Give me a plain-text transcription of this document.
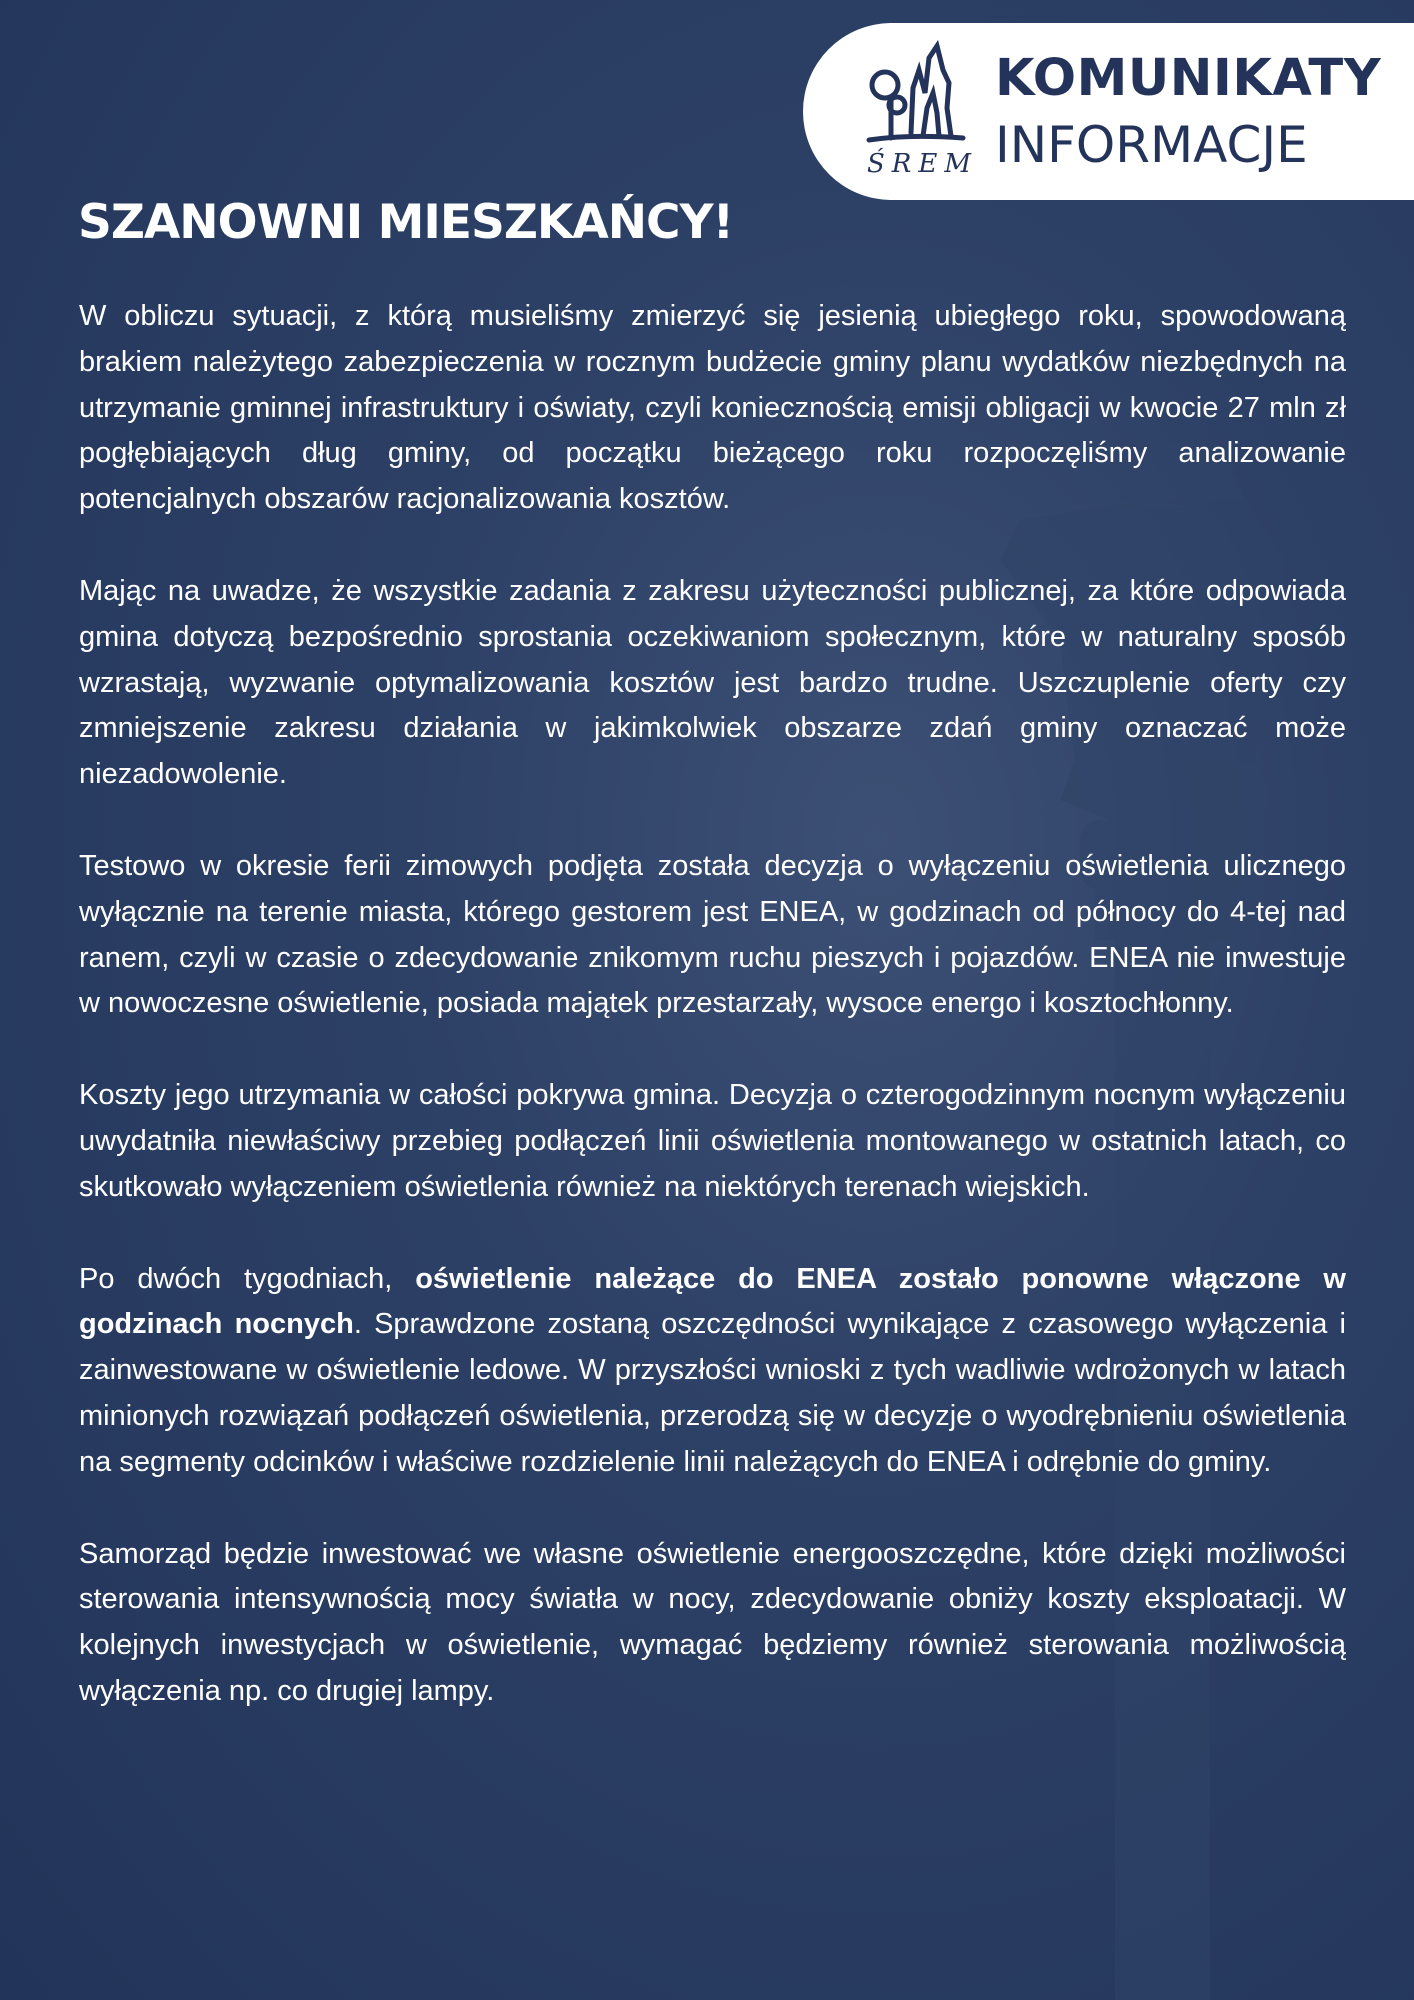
ŚREM
KOMUNIKATY
INFORMACJE
SZANOWNI MIESZKAŃCY!

W obliczu sytuacji, z którą musieliśmy zmierzyć się jesienią ubiegłego roku, spowodowaną brakiem należytego zabezpieczenia w rocznym budżecie gminy planu wydatków niezbędnych na utrzymanie gminnej infrastruktury i oświaty, czyli koniecznością emisji obligacji w kwocie 27 mln zł pogłębiających dług gminy, od początku bieżącego roku rozpoczęliśmy analizowanie potencjalnych obszarów racjonalizowania kosztów.

Mając na uwadze, że wszystkie zadania z zakresu użyteczności publicznej, za które odpowiada gmina dotyczą bezpośrednio sprostania oczekiwaniom społecznym, które w naturalny sposób wzrastają, wyzwanie optymalizowania kosztów jest bardzo trudne. Uszczuplenie oferty czy zmniejszenie zakresu działania w jakimkolwiek obszarze zdań gminy oznaczać może niezadowolenie.

Testowo w okresie ferii zimowych podjęta została decyzja o wyłączeniu oświetlenia ulicznego wyłącznie na terenie miasta, którego gestorem jest ENEA, w godzinach od północy do 4-tej nad ranem, czyli w czasie o zdecydowanie znikomym ruchu pieszych i pojazdów. ENEA nie inwestuje w nowoczesne oświetlenie, posiada majątek przestarzały, wysoce energo i kosztochłonny.

Koszty jego utrzymania w całości pokrywa gmina. Decyzja o czterogodzinnym nocnym wyłączeniu uwydatniła niewłaściwy przebieg podłączeń linii oświetlenia montowanego w ostatnich latach, co skutkowało wyłączeniem oświetlenia również na niektórych terenach wiejskich.

Po dwóch tygodniach, oświetlenie należące do ENEA zostało ponowne włączone w godzinach nocnych. Sprawdzone zostaną oszczędności wynikające z czasowego wyłączenia i zainwestowane w oświetlenie ledowe. W przyszłości wnioski z tych wadliwie wdrożonych w latach minionych rozwiązań podłączeń oświetlenia, przerodzą się w decyzje o wyodrębnieniu oświetlenia na segmenty odcinków i właściwe rozdzielenie linii należących do ENEA i odrębnie do gminy.

Samorząd będzie inwestować we własne oświetlenie energooszczędne, które dzięki możliwości sterowania intensywnością mocy światła w nocy, zdecydowanie obniży koszty eksploatacji. W kolejnych inwestycjach w oświetlenie, wymagać będziemy również sterowania możliwością wyłączenia np. co drugiej lampy.
